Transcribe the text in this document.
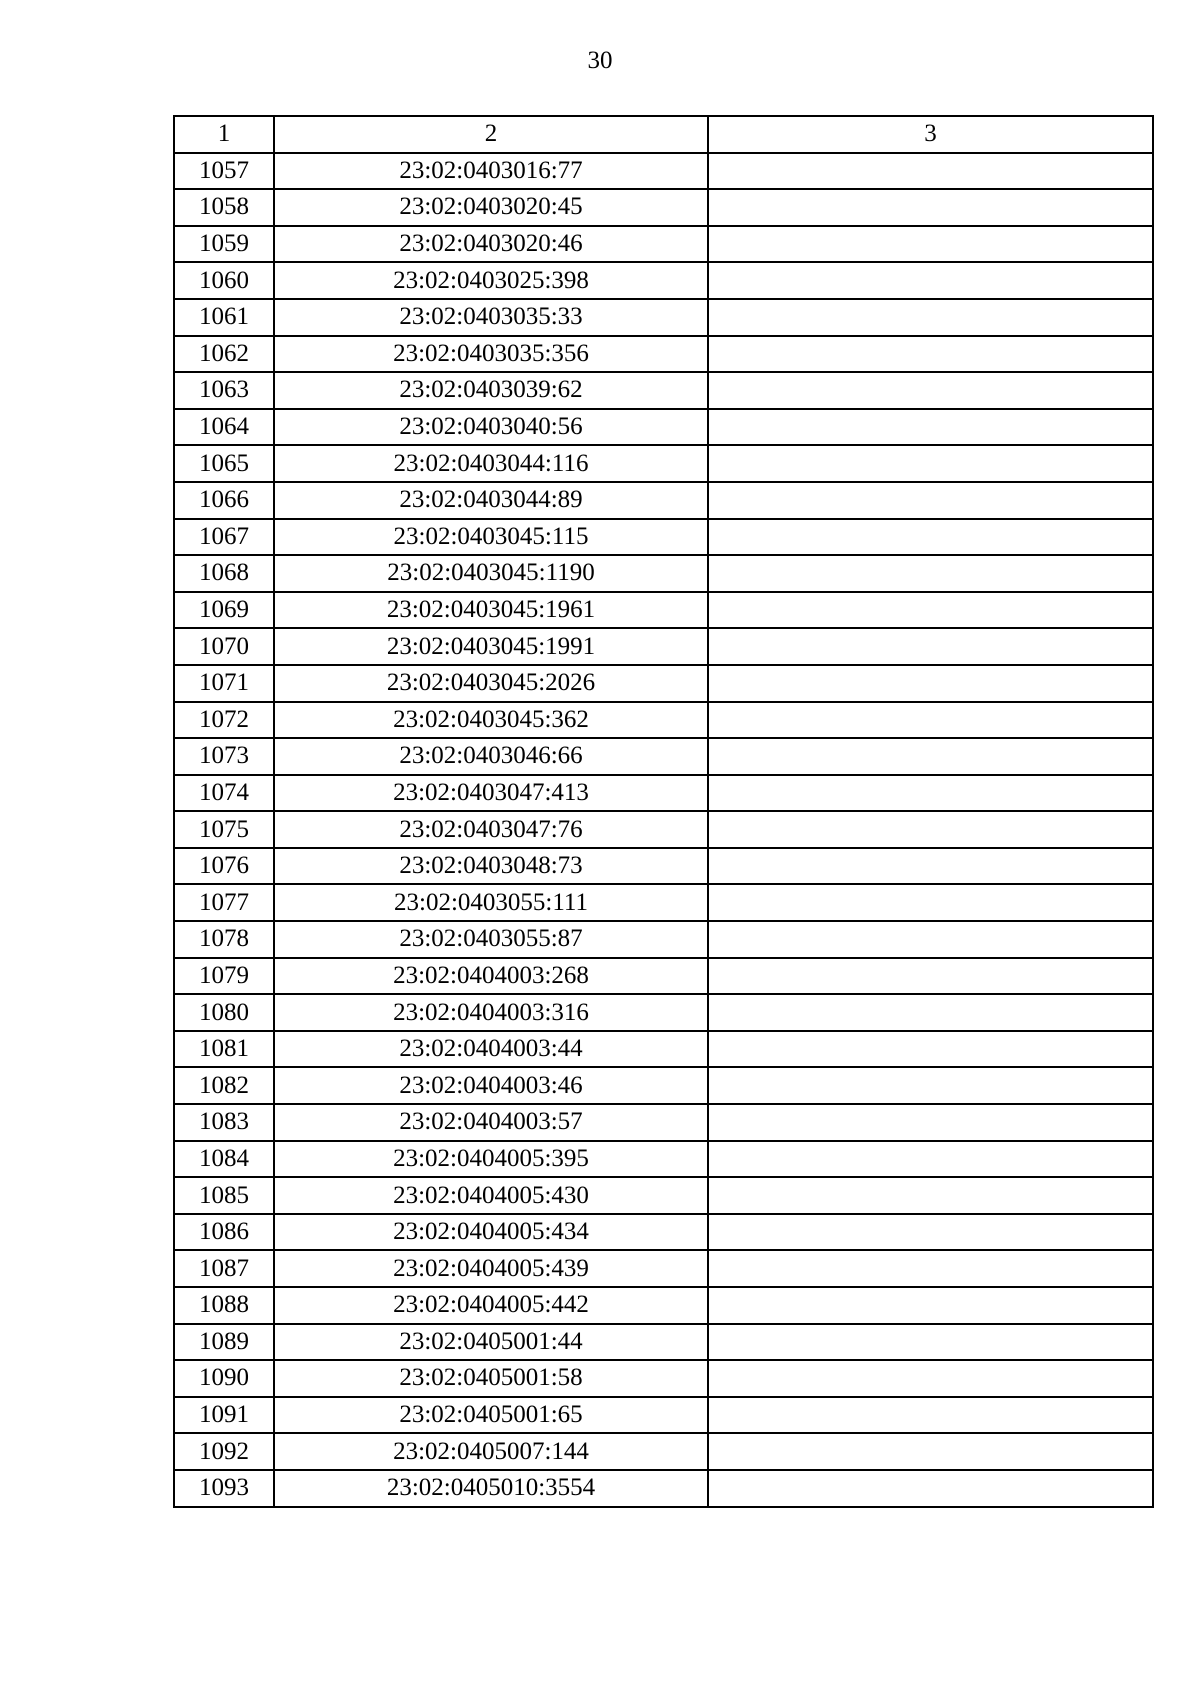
30
1	2	3
1057	23:02:0403016:77	
1058	23:02:0403020:45	
1059	23:02:0403020:46	
1060	23:02:0403025:398	
1061	23:02:0403035:33	
1062	23:02:0403035:356	
1063	23:02:0403039:62	
1064	23:02:0403040:56	
1065	23:02:0403044:116	
1066	23:02:0403044:89	
1067	23:02:0403045:115	
1068	23:02:0403045:1190	
1069	23:02:0403045:1961	
1070	23:02:0403045:1991	
1071	23:02:0403045:2026	
1072	23:02:0403045:362	
1073	23:02:0403046:66	
1074	23:02:0403047:413	
1075	23:02:0403047:76	
1076	23:02:0403048:73	
1077	23:02:0403055:111	
1078	23:02:0403055:87	
1079	23:02:0404003:268	
1080	23:02:0404003:316	
1081	23:02:0404003:44	
1082	23:02:0404003:46	
1083	23:02:0404003:57	
1084	23:02:0404005:395	
1085	23:02:0404005:430	
1086	23:02:0404005:434	
1087	23:02:0404005:439	
1088	23:02:0404005:442	
1089	23:02:0405001:44	
1090	23:02:0405001:58	
1091	23:02:0405001:65	
1092	23:02:0405007:144	
1093	23:02:0405010:3554	
